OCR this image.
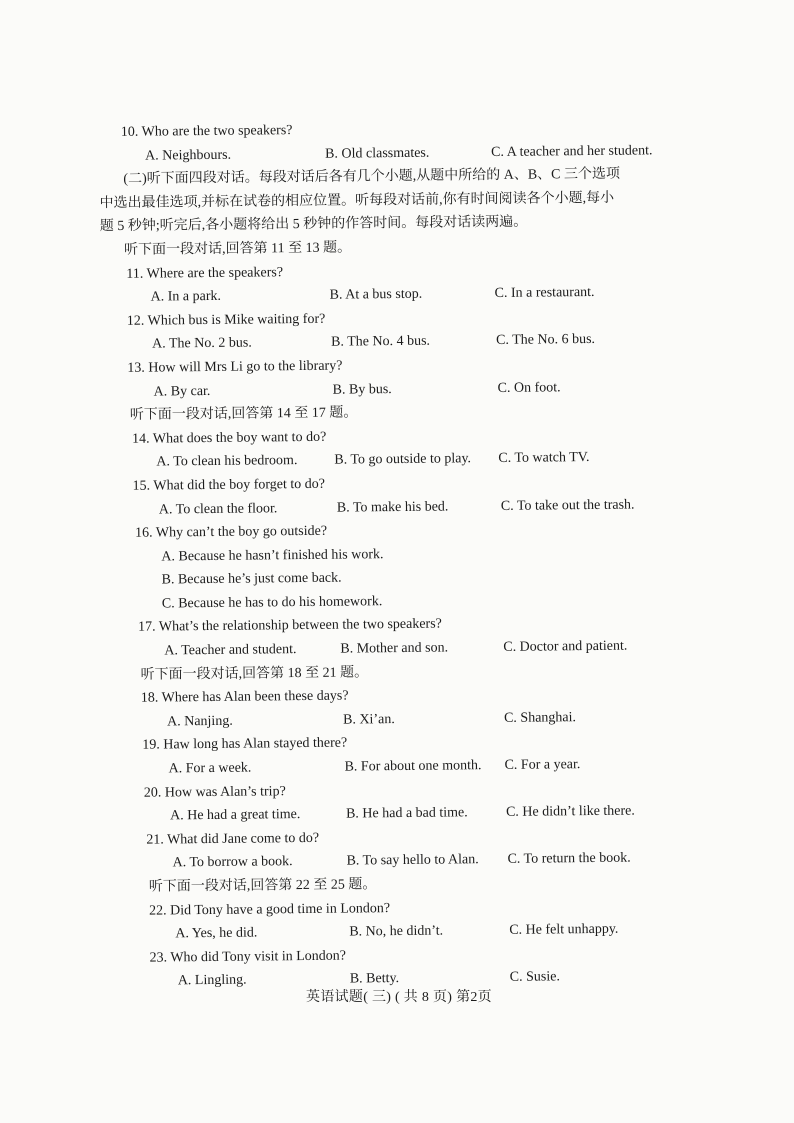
10. Who are the two speakers?
A. Neighbours.	B. Old classmates.	C. A teacher and her student.
(二)听下面四段对话。每段对话后各有几个小题,从题中所给的 A、B、C 三个选项
中选出最佳选项,并标在试卷的相应位置。听每段对话前,你有时间阅读各个小题,每小
题 5 秒钟;听完后,各小题将给出 5 秒钟的作答时间。每段对话读两遍。
听下面一段对话,回答第 11 至 13 题。
11. Where are the speakers?
A. In a park.	B. At a bus stop.	C. In a restaurant.
12. Which bus is Mike waiting for?
A. The No. 2 bus.	B. The No. 4 bus.	C. The No. 6 bus.
13. How will Mrs Li go to the library?
A. By car.	B. By bus.	C. On foot.
听下面一段对话,回答第 14 至 17 题。
14. What does the boy want to do?
A. To clean his bedroom.	B. To go outside to play. C. To watch TV.
15. What did the boy forget to do?
A. To clean the floor.	B. To make his bed.	C. To take out the trash.
16. Why can’t the boy go outside?
A. Because he hasn’t finished his work.
B. Because he’s just come back.
C. Because he has to do his homework.
17. What’s the relationship between the two speakers?
A. Teacher and student.	B. Mother and son.	C. Doctor and patient.
听下面一段对话,回答第 18 至 21 题。
18. Where has Alan been these days?
A. Nanjing.	B. Xi’an.	C. Shanghai.
19. Haw long has Alan stayed there?
A. For a week.	B. For about one month. C. For a year.
20. How was Alan’s trip?
A. He had a great time.	B. He had a bad time.	C. He didn’t like there.
21. What did Jane come to do?
A. To borrow a book.	B. To say hello to Alan. C. To return the book.
听下面一段对话,回答第 22 至 25 题。
22. Did Tony have a good time in London?
A. Yes, he did.	B. No, he didn’t.	C. He felt unhappy.
23. Who did Tony visit in London?
A. Lingling.	B. Betty.	C. Susie.
英语试题( 三) ( 共 8 页) 第2页
